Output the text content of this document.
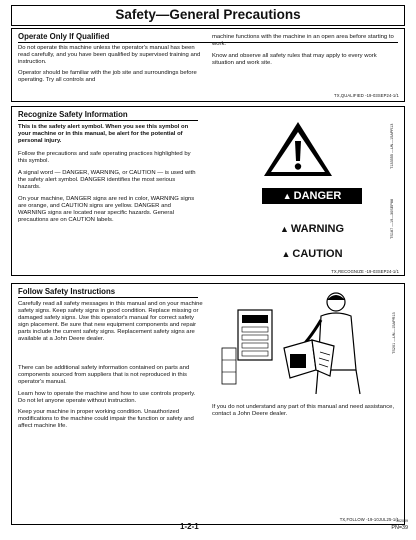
Safety—General Precautions
Operate Only If Qualified
Do not operate this machine unless the operator's manual has been read carefully, and you have been qualified by supervised training and instruction.
Operator should be familiar with the job site and surroundings before operating. Try all controls and
machine functions with the machine in an open area before starting to work.
Know and observe all safety rules that may apply to every work situation and work site.
TX,QUALIFIED -19-03SEP24-1/1
Recognize Safety Information
This is the safety alert symbol. When you see this symbol on your machine or in this manual, be alert for the potential of personal injury.
Follow the precautions and safe operating practices highlighted by this symbol.
A signal word — DANGER, WARNING, or CAUTION — is used with the safety alert symbol. DANGER identifies the most serious hazards.
On your machine, DANGER signs are red in color, WARNING signs are orange, and CAUTION signs are yellow. DANGER and WARNING signs are located near specific hazards. General precautions are on CAUTION labels.
T133555 —UN—15APR13
▲ DANGER
▲ WARNING
▲ CAUTION
TS187 —19—30SEP88
TX,RECOGNIZE -19-03SEP24-1/1
Follow Safety Instructions
Carefully read all safety messages in this manual and on your machine safety signs. Keep safety signs in good condition. Replace missing or damaged safety signs. Use this operator's manual for correct safety sign placement. Be sure that new equipment components and repair parts include the current safety signs. Replacement safety signs are available at a John Deere dealer.
There can be additional safety information contained on parts and components sourced from suppliers that is not reproduced in this operator's manual.
Learn how to operate the machine and how to use controls properly. Do not let anyone operate without instruction.
Keep your machine in proper working condition. Unauthorized modifications to the machine could impair the function or safety and affect machine life.
TS201 —UN—15APR13
If you do not understand any part of this manual and need assistance, contact a John Deere dealer.
TX,FOLLOW -19-10JUL25-1/1
1-2-1
102009
PN=39
